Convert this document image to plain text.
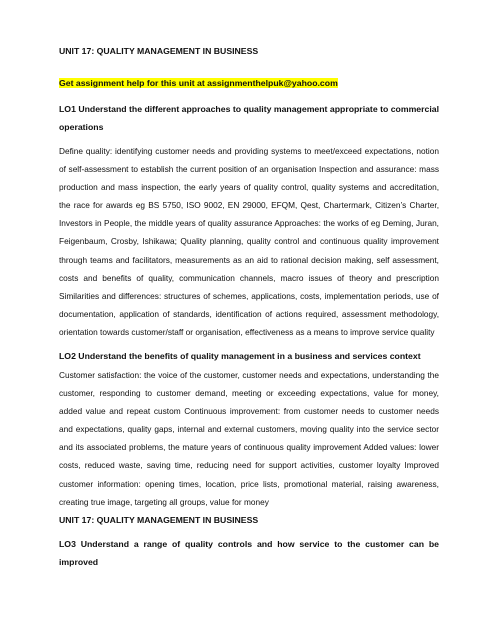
UNIT 17: QUALITY MANAGEMENT IN BUSINESS

Get assignment help for this unit at assignmenthelpuk@yahoo.com

LO1 Understand the different approaches to quality management appropriate to commercial operations

Define quality: identifying customer needs and providing systems to meet/exceed expectations, notion of self-assessment to establish the current position of an organisation Inspection and assurance: mass production and mass inspection, the early years of quality control, quality systems and accreditation, the race for awards eg BS 5750, ISO 9002, EN 29000, EFQM, Qest, Chartermark, Citizen’s Charter, Investors in People, the middle years of quality assurance Approaches: the works of eg Deming, Juran, Feigenbaum, Crosby, Ishikawa; Quality planning, quality control and continuous quality improvement through teams and facilitators, measurements as an aid to rational decision making, self assessment, costs and benefits of quality, communication channels, macro issues of theory and prescription Similarities and differences: structures of schemes, applications, costs, implementation periods, use of documentation, application of standards, identification of actions required, assessment methodology, orientation towards customer/staff or organisation, effectiveness as a means to improve service quality

LO2 Understand the benefits of quality management in a business and services context

Customer satisfaction: the voice of the customer, customer needs and expectations, understanding the customer, responding to customer demand, meeting or exceeding expectations, value for money, added value and repeat custom Continuous improvement: from customer needs to customer needs and expectations, quality gaps, internal and external customers, moving quality into the service sector and its associated problems, the mature years of continuous quality improvement Added values: lower costs, reduced waste, saving time, reducing need for support activities, customer loyalty Improved customer information: opening times, location, price lists, promotional material, raising awareness, creating true image, targeting all groups, value for money

UNIT 17: QUALITY MANAGEMENT IN BUSINESS

LO3 Understand a range of quality controls and how service to the customer can be improved
